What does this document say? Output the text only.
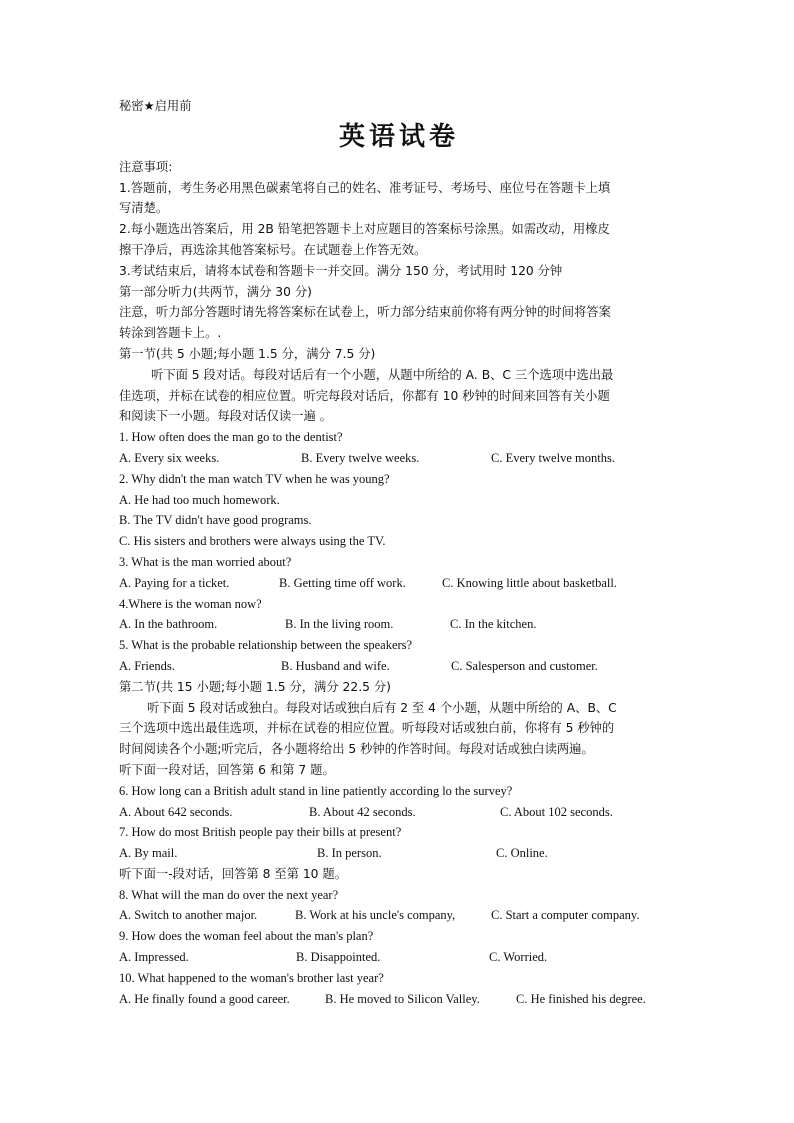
秘密★启用前
英语试卷
注意事项:
1.答题前，考生务必用黑色碳素笔将自己的姓名、准考证号、考场号、座位号在答题卡上填
写清楚。
2.每小题选出答案后，用 2B 铅笔把答题卡上对应题目的答案标号涂黑。如需改动，用橡皮
擦干净后，再选涂其他答案标号。在试题卷上作答无效。
3.考试结束后，请将本试卷和答题卡一并交回。满分 150 分，考试用时 120 分钟
第一部分听力(共两节，满分 30 分)
注意，听力部分答题时请先将答案标在试卷上，听力部分结束前你将有两分钟的时间将答案
转涂到答题卡上。.
第一节(共 5 小题;每小题 1.5 分，满分 7.5 分)
听下面 5 段对话。每段对话后有一个小题，从题中所给的 A. B、C 三个选项中选出最
佳选项，并标在试卷的相应位置。听完每段对话后，你都有 10 秒钟的时间来回答有关小题
和阅读下一小题。每段对话仅读一遍 。
1. How often does the man go to the dentist?
A. Every six weeks.	B. Every twelve weeks.	C. Every twelve months.
2. Why didn't the man watch TV when he was young?
A. He had too much homework.
B. The TV didn't have good programs.
C. His sisters and brothers were always using the TV.
3. What is the man worried about?
A. Paying for a ticket.	B. Getting time off work.	C. Knowing little about basketball.
4.Where is the woman now?
A. In the bathroom.	B. In the living room.	C. In the kitchen.
5. What is the probable relationship between the speakers?
A. Friends.	B. Husband and wife.	C. Salesperson and customer.
第二节(共 15 小题;每小题 1.5 分，满分 22.5 分)
听下面 5 段对话或独白。每段对话或独白后有 2 至 4 个小题，从题中所给的 A、B、C
三个选项中选出最佳选项，并标在试卷的相应位置。听每段对话或独白前，你将有 5 秒钟的
时间阅读各个小题;听完后，各小题将给出 5 秒钟的作答时间。每段对话或独白读两遍。
听下面一段对话，回答第 6 和第 7 题。
6. How long can a British adult stand in line patiently according lo the survey?
A. About 642 seconds.	B. About 42 seconds.	C. About 102 seconds.
7. How do most British people pay their bills at present?
A. By mail.	B. In person.	C. Online.
听下面一-段对话，回答第 8 至第 10 题。
8. What will the man do over the next year?
A. Switch to another major.	B. Work at his uncle's company,	C. Start a computer company.
9. How does the woman feel about the man's plan?
A. Impressed.	B. Disappointed.	C. Worried.
10. What happened to the woman's brother last year?
A. He finally found a good career.	B. He moved to Silicon Valley.	C. He finished his degree.
